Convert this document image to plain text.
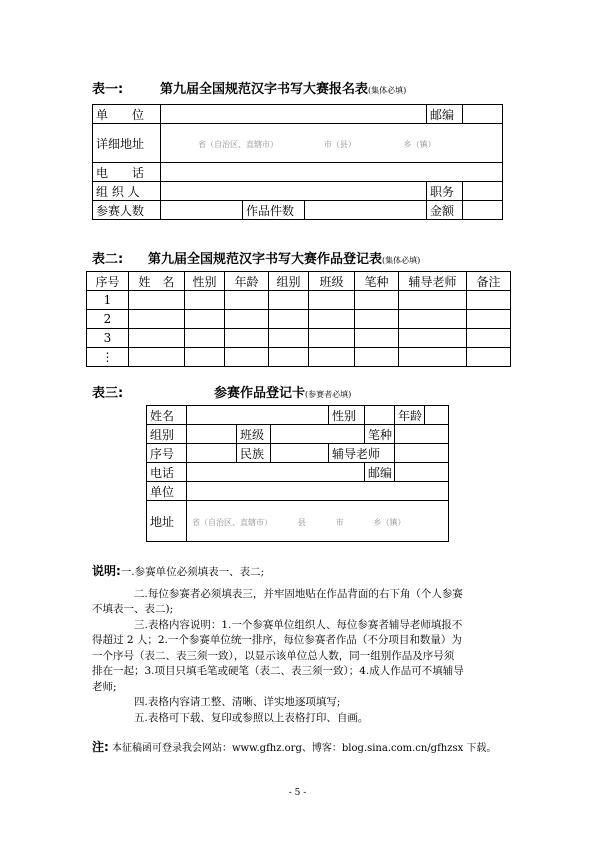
表一:	第九届全国规范汉字书写大赛报名表(集体必填)
单　　位				邮编	
详细地址	省（自治区、直辖市） 市（县） 乡（镇）				
电　　话					
组 织 人				职务	
参赛人数		作品件数		金额	
表二: 第九届全国规范汉字书写大赛作品登记表(集体必填)
序号	姓　名	性别	年龄	组别	班级	笔种	辅导老师	备注
1								
2								
3								
⋮								
表三:	参赛作品登记卡(参赛者必填)
姓名				性别		年龄	
组别		班级			笔种		
序号		民族		辅导老师			
电话					邮编		
单位							
地址	省（自治区、直辖市） 县 市 乡（镇）						
说明:一.参赛单位必须填表一、表二;
二.每位参赛者必须填表三，并牢固地贴在作品背面的右下角（个人参赛
不填表一、表二);
三.表格内容说明：1.一个参赛单位组织人、每位参赛者辅导老师填报不
得超过 2 人；2.一个参赛单位统一排序，每位参赛者作品（不分项目和数量）为
一个序号（表二、表三须一致），以显示该单位总人数，同一组别作品及序号须
排在一起；3.项目只填毛笔或硬笔（表二、表三须一致）；4.成人作品可不填辅导
老师;
四.表格内容请工整、清晰、详实地逐项填写;
五.表格可下载、复印或参照以上表格打印、自画。
注: 本征稿函可登录我会网站：www.gfhz.org、博客：blog.sina.com.cn/gfhzsx 下载。
- 5 -
